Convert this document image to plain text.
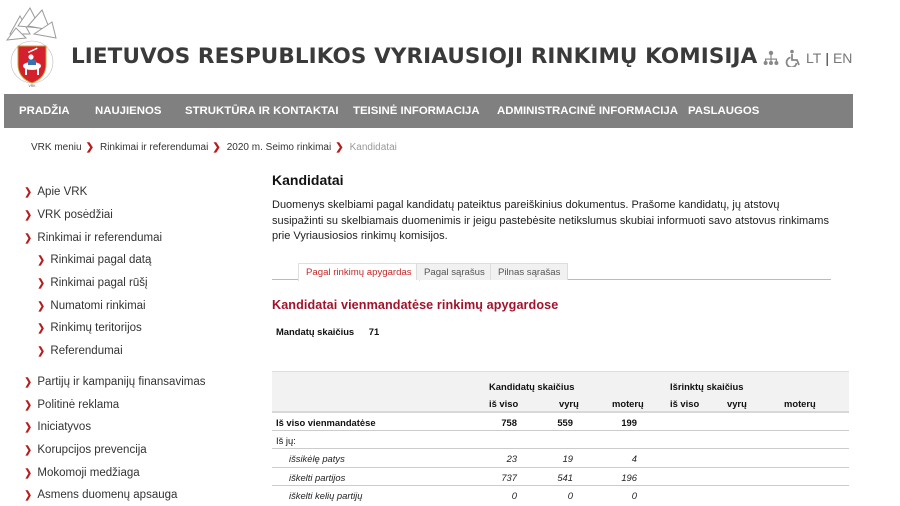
VRK
LIETUVOS RESPUBLIKOS VYRIAUSIOJI RINKIMŲ KOMISIJA	LT | EN
PRADŽIA NAUJIENOS STRUKTŪRA IR KONTAKTAI TEISINĖ INFORMACIJA ADMINISTRACINĖ INFORMACIJA PASLAUGOS
VRK meniu ❯ Rinkimai ir referendumai ❯ 2020 m. Seimo rinkimai ❯ Kandidatai
❯ Apie VRK
❯ VRK posėdžiai
❯ Rinkimai ir referendumai
❯ Rinkimai pagal datą
❯ Rinkimai pagal rūšį
❯ Numatomi rinkimai
❯ Rinkimų teritorijos
❯ Referendumai
❯ Partijų ir kampanijų finansavimas
❯ Politinė reklama
❯ Iniciatyvos
❯ Korupcijos prevencija
❯ Mokomoji medžiaga
❯ Asmens duomenų apsauga
Kandidatai
Duomenys skelbiami pagal kandidatų pateiktus pareiškinius dokumentus. Prašome kandidatų, jų atstovų susipažinti su skelbiamais duomenimis ir jeigu pastebėsite netikslumus skubiai informuoti savo atstovus rinkimams prie Vyriausiosios rinkimų komisijos.
Pagal rinkimų apygardas	Pagal sąrašus	Pilnas sąrašas
Kandidatai vienmandatėse rinkimų apygardose
Mandatų skaičius 71
Kandidatų skaičius	Išrinktų skaičius
iš viso	vyrų	moterų	iš viso	vyrų	moterų
Iš viso vienmandatėse	758	559	199
Iš jų:
išsikėlę patys	23	19	4
iškelti partijos	737	541	196
iškelti kelių partijų	0	0	0
